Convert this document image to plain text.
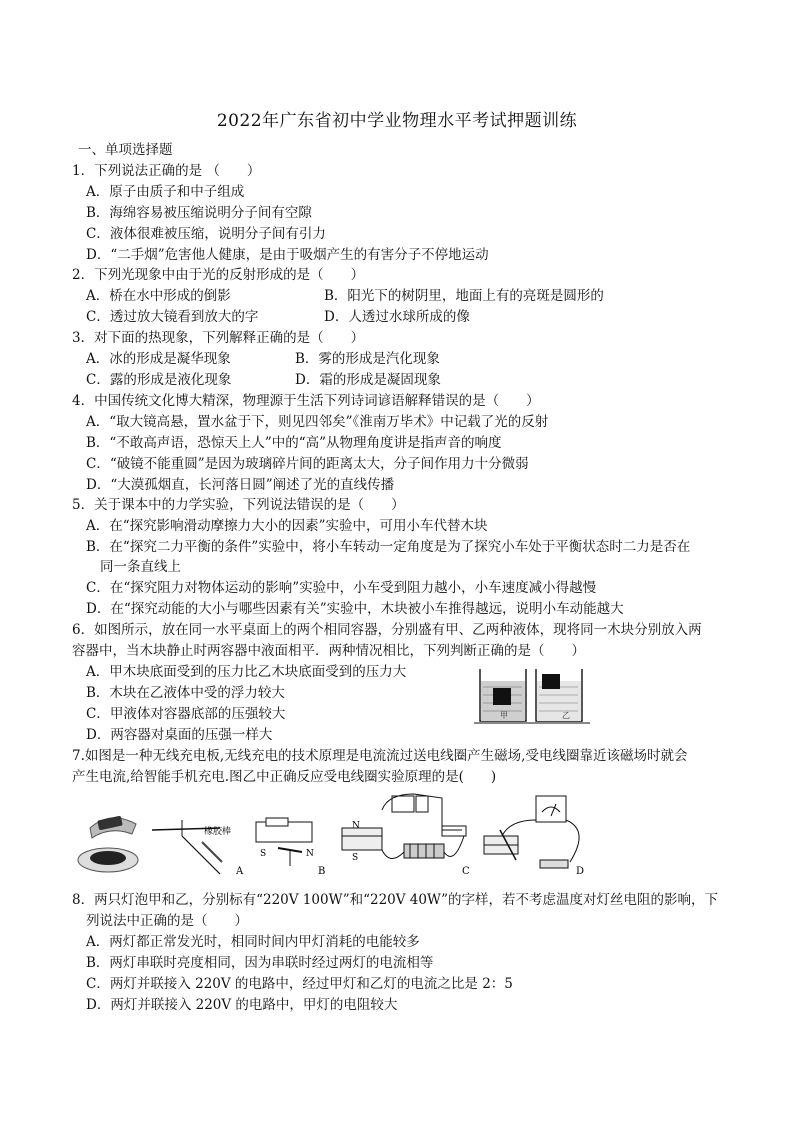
2022年广东省初中学业物理水平考试押题训练
一、单项选择题
1．下列说法正确的是 （　　）
A．原子由质子和中子组成
B．海绵容易被压缩说明分子间有空隙
C．液体很难被压缩，说明分子间有引力
D．“二手烟”危害他人健康，是由于吸烟产生的有害分子不停地运动
2．下列光现象中由于光的反射形成的是（　　）
A．桥在水中形成的倒影	B．阳光下的树阴里，地面上有的亮斑是圆形的
C．透过放大镜看到放大的字	D．人透过水球所成的像
3．对下面的热现象，下列解释正确的是（　　）
A．冰的形成是凝华现象	B．雾的形成是汽化现象
C．露的形成是液化现象	D．霜的形成是凝固现象
4．中国传统文化博大精深，物理源于生活下列诗词谚语解释错误的是（　　）
A．“取大镜高悬，置水盆于下，则见四邻矣”《淮南万毕术》中记载了光的反射
B．“不敢高声语，恐惊天上人”中的“高”从物理角度讲是指声音的响度
C．“破镜不能重圆”是因为玻璃碎片间的距离太大，分子间作用力十分微弱
D．“大漠孤烟直，长河落日圆”阐述了光的直线传播
5．关于课本中的力学实验，下列说法错误的是（　　）
A．在“探究影响滑动摩擦力大小的因素”实验中，可用小车代替木块
B．在“探究二力平衡的条件”实验中，将小车转动一定角度是为了探究小车处于平衡状态时二力是否在
同一条直线上
C．在“探究阻力对物体运动的影响”实验中，小车受到阻力越小，小车速度减小得越慢
D．在“探究动能的大小与哪些因素有关”实验中，木块被小车推得越远，说明小车动能越大
6．如图所示，放在同一水平桌面上的两个相同容器，分别盛有甲、乙两种液体，现将同一木块分别放入两
容器中，当木块静止时两容器中液面相平．两种情况相比，下列判断正确的是（　　）
A．甲木块底面受到的压力比乙木块底面受到的压力大
B．木块在乙液体中受的浮力较大
C．甲液体对容器底部的压强较大
D．两容器对桌面的压强一样大
甲	乙
7.如图是一种无线充电板,无线充电的技术原理是电流流过送电线圈产生磁场,受电线圈靠近该磁场时就会
产生电流,给智能手机充电.图乙中正确反应受电线圈实验原理的是(　　)
橡胶棒
A
S	N
B
N
S
C	D
8．两只灯泡甲和乙，分别标有“220V 100W”和“220V 40W”的字样，若不考虑温度对灯丝电阻的影响，下
列说法中正确的是（　　）
A．两灯都正常发光时，相同时间内甲灯消耗的电能较多
B．两灯串联时亮度相同，因为串联时经过两灯的电流相等
C．两灯并联接入 220V 的电路中，经过甲灯和乙灯的电流之比是 2：5
D．两灯并联接入 220V 的电路中，甲灯的电阻较大
